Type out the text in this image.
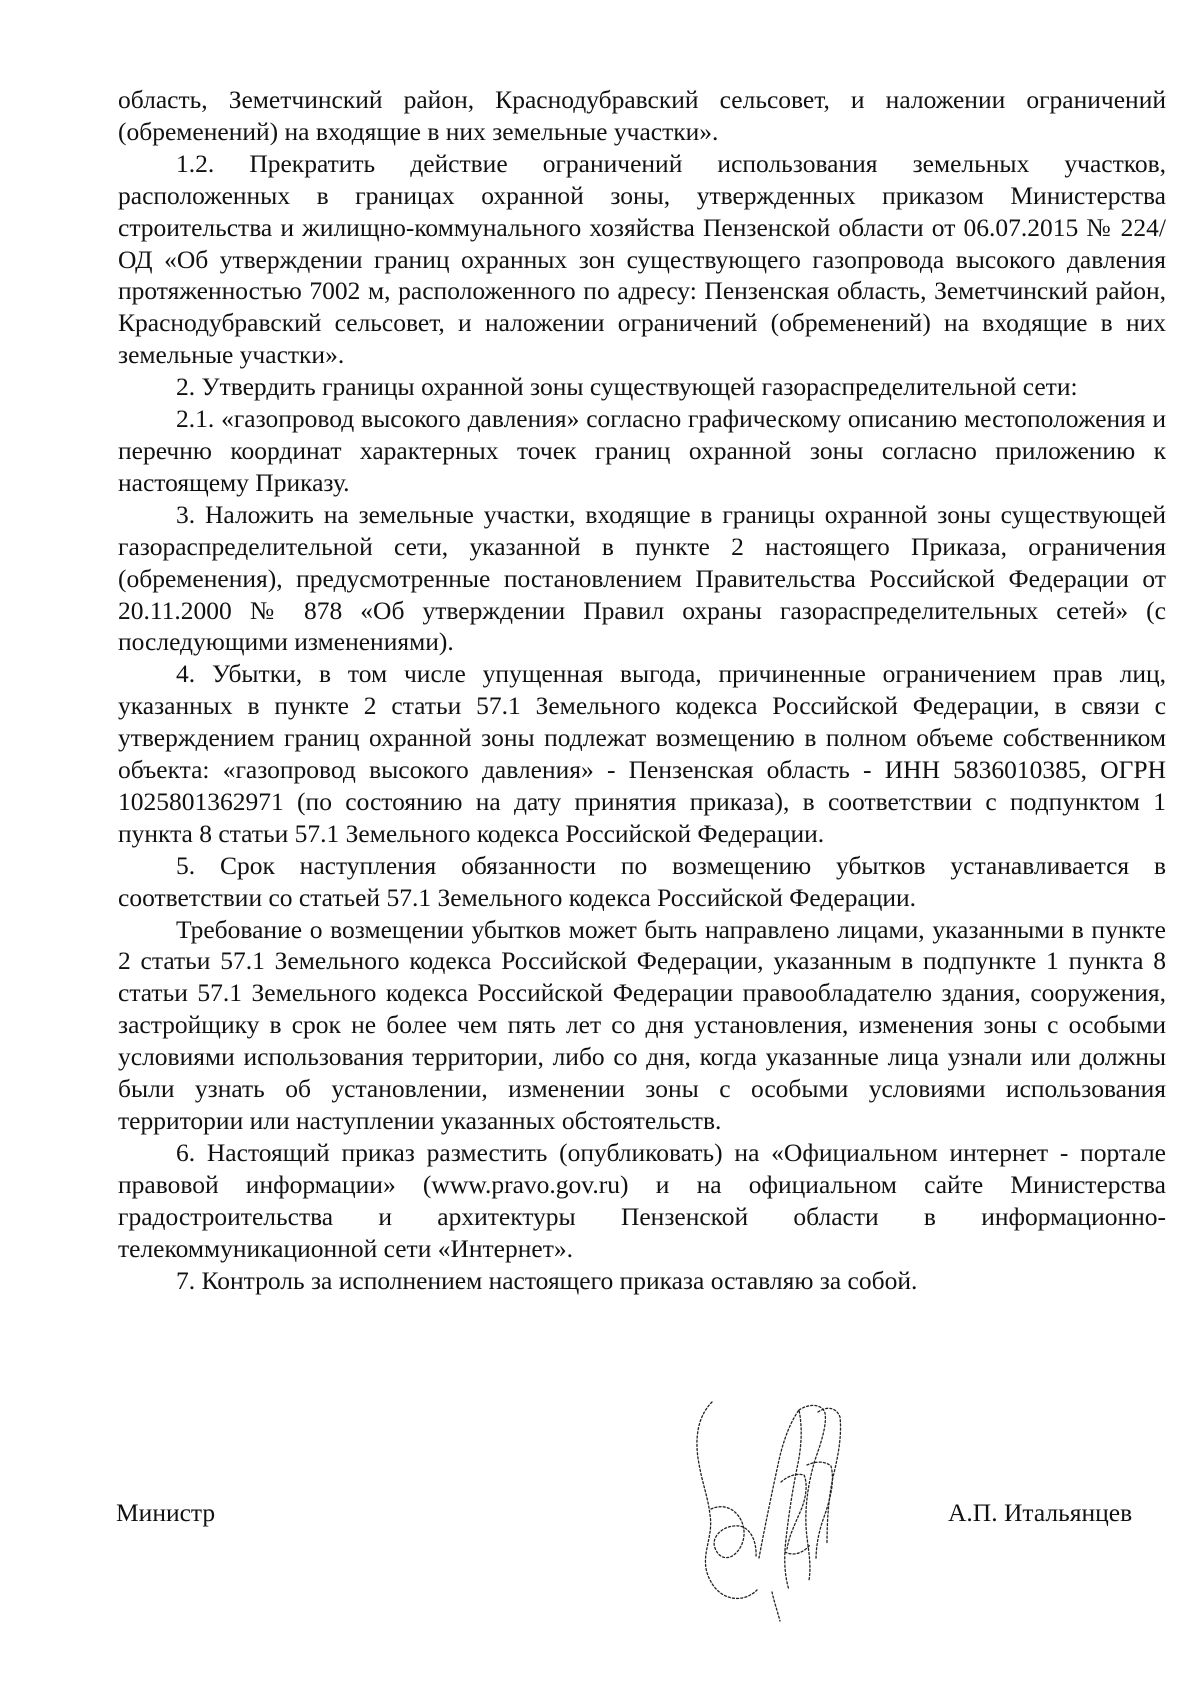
область, Земетчинский район, Краснодубравский сельсовет, и наложении ограничений (обременений) на входящие в них земельные участки».

1.2. Прекратить действие ограничений использования земельных участков, расположенных в границах охранной зоны, утвержденных приказом Министерства строительства и жилищно-коммунального хозяйства Пензенской области от 06.07.2015 № 224/ОД «Об утверждении границ охранных зон существующего газопровода высокого давления протяженностью 7002 м, расположенного по адресу: Пензенская область, Земетчинский район, Краснодубравский сельсовет, и наложении ограничений (обременений) на входящие в них земельные участки».

2. Утвердить границы охранной зоны существующей газораспределительной сети:

2.1. «газопровод высокого давления» согласно графическому описанию местоположения и перечню координат характерных точек границ охранной зоны согласно приложению к настоящему Приказу.

3. Наложить на земельные участки, входящие в границы охранной зоны существующей газораспределительной сети, указанной в пункте 2 настоящего Приказа, ограничения (обременения), предусмотренные постановлением Правительства Российской Федерации от 20.11.2000 № 878 «Об утверждении Правил охраны газораспределительных сетей» (с последующими изменениями).

4. Убытки, в том числе упущенная выгода, причиненные ограничением прав лиц, указанных в пункте 2 статьи 57.1 Земельного кодекса Российской Федерации, в связи с утверждением границ охранной зоны подлежат возмещению в полном объеме собственником объекта: «газопровод высокого давления» - Пензенская область - ИНН 5836010385, ОГРН 1025801362971 (по состоянию на дату принятия приказа), в соответствии с подпунктом 1 пункта 8 статьи 57.1 Земельного кодекса Российской Федерации.

5. Срок наступления обязанности по возмещению убытков устанавливается в соответствии со статьей 57.1 Земельного кодекса Российской Федерации.

Требование о возмещении убытков может быть направлено лицами, указанными в пункте 2 статьи 57.1 Земельного кодекса Российской Федерации, указанным в подпункте 1 пункта 8 статьи 57.1 Земельного кодекса Российской Федерации правообладателю здания, сооружения, застройщику в срок не более чем пять лет со дня установления, изменения зоны с особыми условиями использования территории, либо со дня, когда указанные лица узнали или должны были узнать об установлении, изменении зоны с особыми условиями использования территории или наступлении указанных обстоятельств.

6. Настоящий приказ разместить (опубликовать) на «Официальном интернет - портале правовой информации» (www.pravo.gov.ru) и на официальном сайте Министерства градостроительства и архитектуры Пензенской области в информационно-телекоммуникационной сети «Интернет».

7. Контроль за исполнением настоящего приказа оставляю за собой.

Министр	А.П. Итальянцев
